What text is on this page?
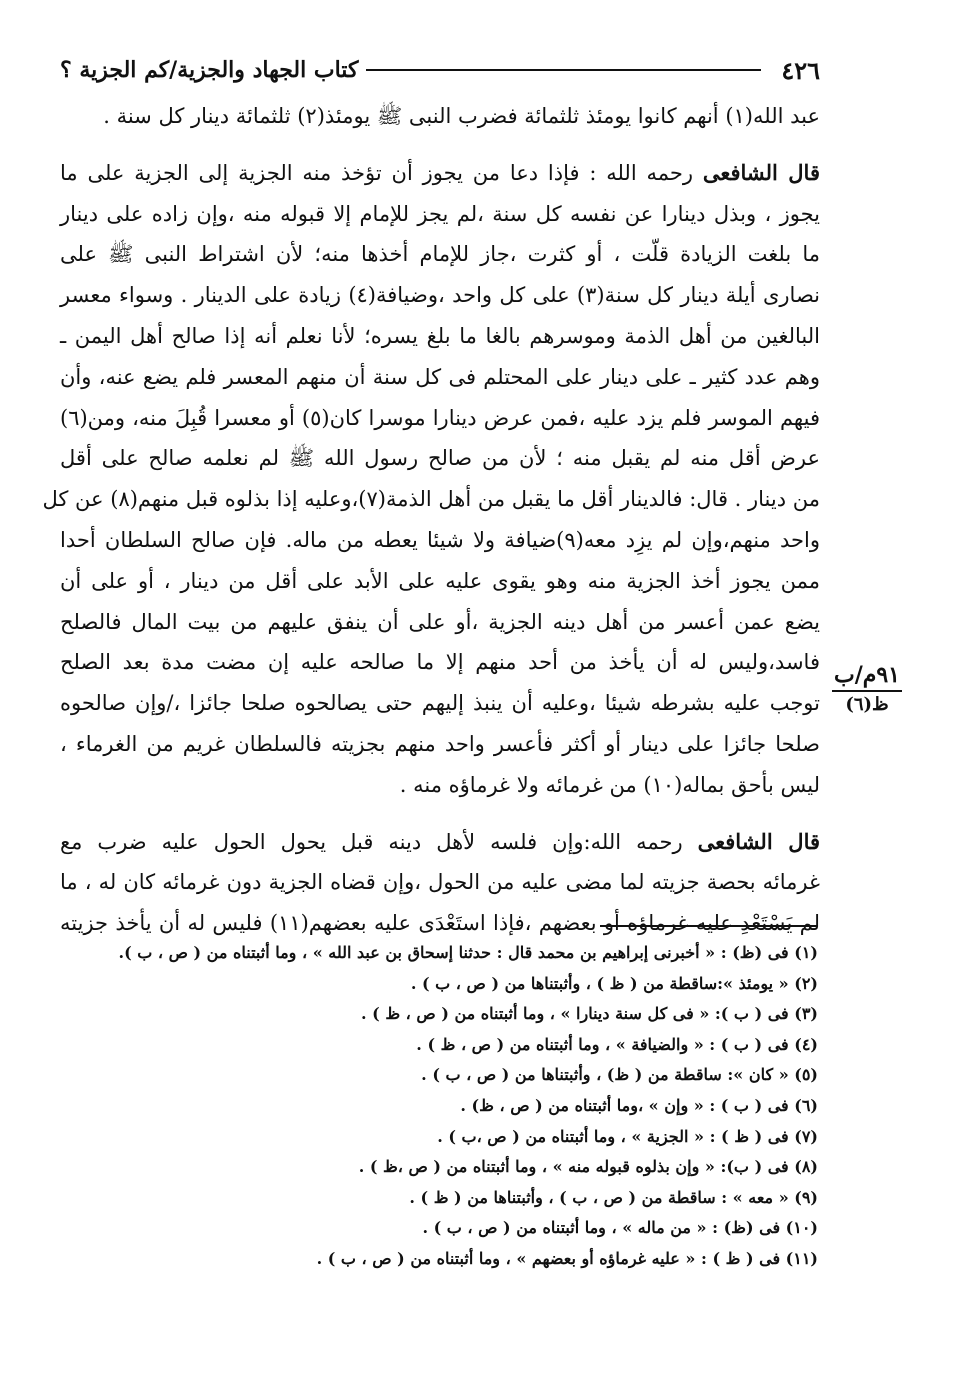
٤٢٦
كتاب الجهاد والجزية/كم الجزية ؟
عبد الله(١) أنهم كانوا يومئذ ثلثمائة فضرب النبى ﷺ يومئذ(٢) ثلثمائة دينار كل سنة .
قال الشافعى رحمه الله : فإذا دعا من يجوز أن تؤخذ منه الجزية إلى الجزية على ما
يجوز ، وبذل دينارا عن نفسه كل سنة ،لم يجز للإمام إلا قبوله منه ،وإن زاده على دينار
ما بلغت الزيادة قلّت ، أو كثرت ،جاز للإمام أخذها منه؛ لأن اشتراط النبى ﷺ على
نصارى أيلة دينار كل سنة(٣) على كل واحد ،وضيافة(٤) زيادة على الدينار . وسواء معسر
البالغين من أهل الذمة وموسرهم بالغا ما بلغ يسره؛ لأنا نعلم أنه إذا صالح أهل اليمن ـ
وهم عدد كثير ـ على دينار على المحتلم فى كل سنة أن منهم المعسر فلم يضع عنه، وأن
فيهم الموسر فلم يزد عليه ،فمن عرض دينارا موسرا كان(٥) أو معسرا قُبِلَ منه، ومن(٦)
عرض أقل منه لم يقبل منه ؛ لأن من صالح رسول الله ﷺ لم نعلمه صالح على أقل
من دينار . قال: فالدينار أقل ما يقبل من أهل الذمة(٧)،وعليه إذا بذلوه قبل منهم(٨) عن كل
واحد منهم،وإن لم يزِد معه(٩)ضيافة ولا شيئا يعطه من ماله. فإن صالح السلطان أحدا
ممن يجوز أخذ الجزية منه وهو يقوى عليه على الأبد على أقل من دينار ، أو على أن
يضع عمن أعسر من أهل دينه الجزية ،أو على أن ينفق عليهم من بيت المال فالصلح
فاسد،وليس له أن يأخذ من أحد منهم إلا ما صالحه عليه إن مضت مدة بعد الصلح
توجب عليه بشرطه شيئا ،وعليه أن ينبذ إليهم حتى يصالحوه صلحا جائزا ،/وإن صالحوه
صلحا جائزا على دينار أو أكثر فأعسر واحد منهم بجزيته فالسلطان غريم من الغرماء ،
ليس بأحق بماله(١٠) من غرمائه ولا غرماؤه منه .
قال الشافعى رحمه الله:وإن فلسه لأهل دينه قبل يحول الحول عليه ضرب مع
غرمائه بحصة جزيته لما مضى عليه من الحول ،وإن قضاه الجزية دون غرمائه كان له ، ما
لم يَسْتَعْدِ عليه غرماؤه أو بعضهم ،فإذا استَعْدَى عليه بعضهم(١١) فليس له أن يأخذ جزيته
٩١م/ب
ظ(٦)
(١) فى (ظ) : « أخبرنى إبراهيم بن محمد قال : حدثنا إسحاق بن عبد الله » ، وما أثبتناه من ( ص ، ب ).
(٢) « يومئذ »:ساقطة من ( ظ ) ، وأثبتناها من ( ص ، ب ) .
(٣) فى ( ب ): « فى كل سنة دينارا » ، وما أثبتناه من ( ص ، ظ ) .
(٤) فى ( ب ) : « والضيافة » ، وما أثبتناه من ( ص ، ظ ) .
(٥) « كان »: ساقطة من ( ظ) ، وأثبتناها من ( ص ، ب ) .
(٦) فى ( ب ) : « وإن » ،وما أثبتناه من ( ص ، ظ) .
(٧) فى ( ظ ) : « الجزية » ، وما أثبتناه من ( ص ،ب ) .
(٨) فى ( ب): « وإن بذلوه قبوله منه » ، وما أثبتناه من ( ص ،ظ ) .
(٩) « معه » : ساقطة من ( ص ، ب ) ، وأثبتناها من ( ظ ) .
(١٠) فى (ظ) : « من ماله » ، وما أثبتناه من ( ص ، ب ) .
(١١) فى ( ظ ) : « عليه غرماؤه أو بعضهم » ، وما أثبتناه من ( ص ، ب ) .
